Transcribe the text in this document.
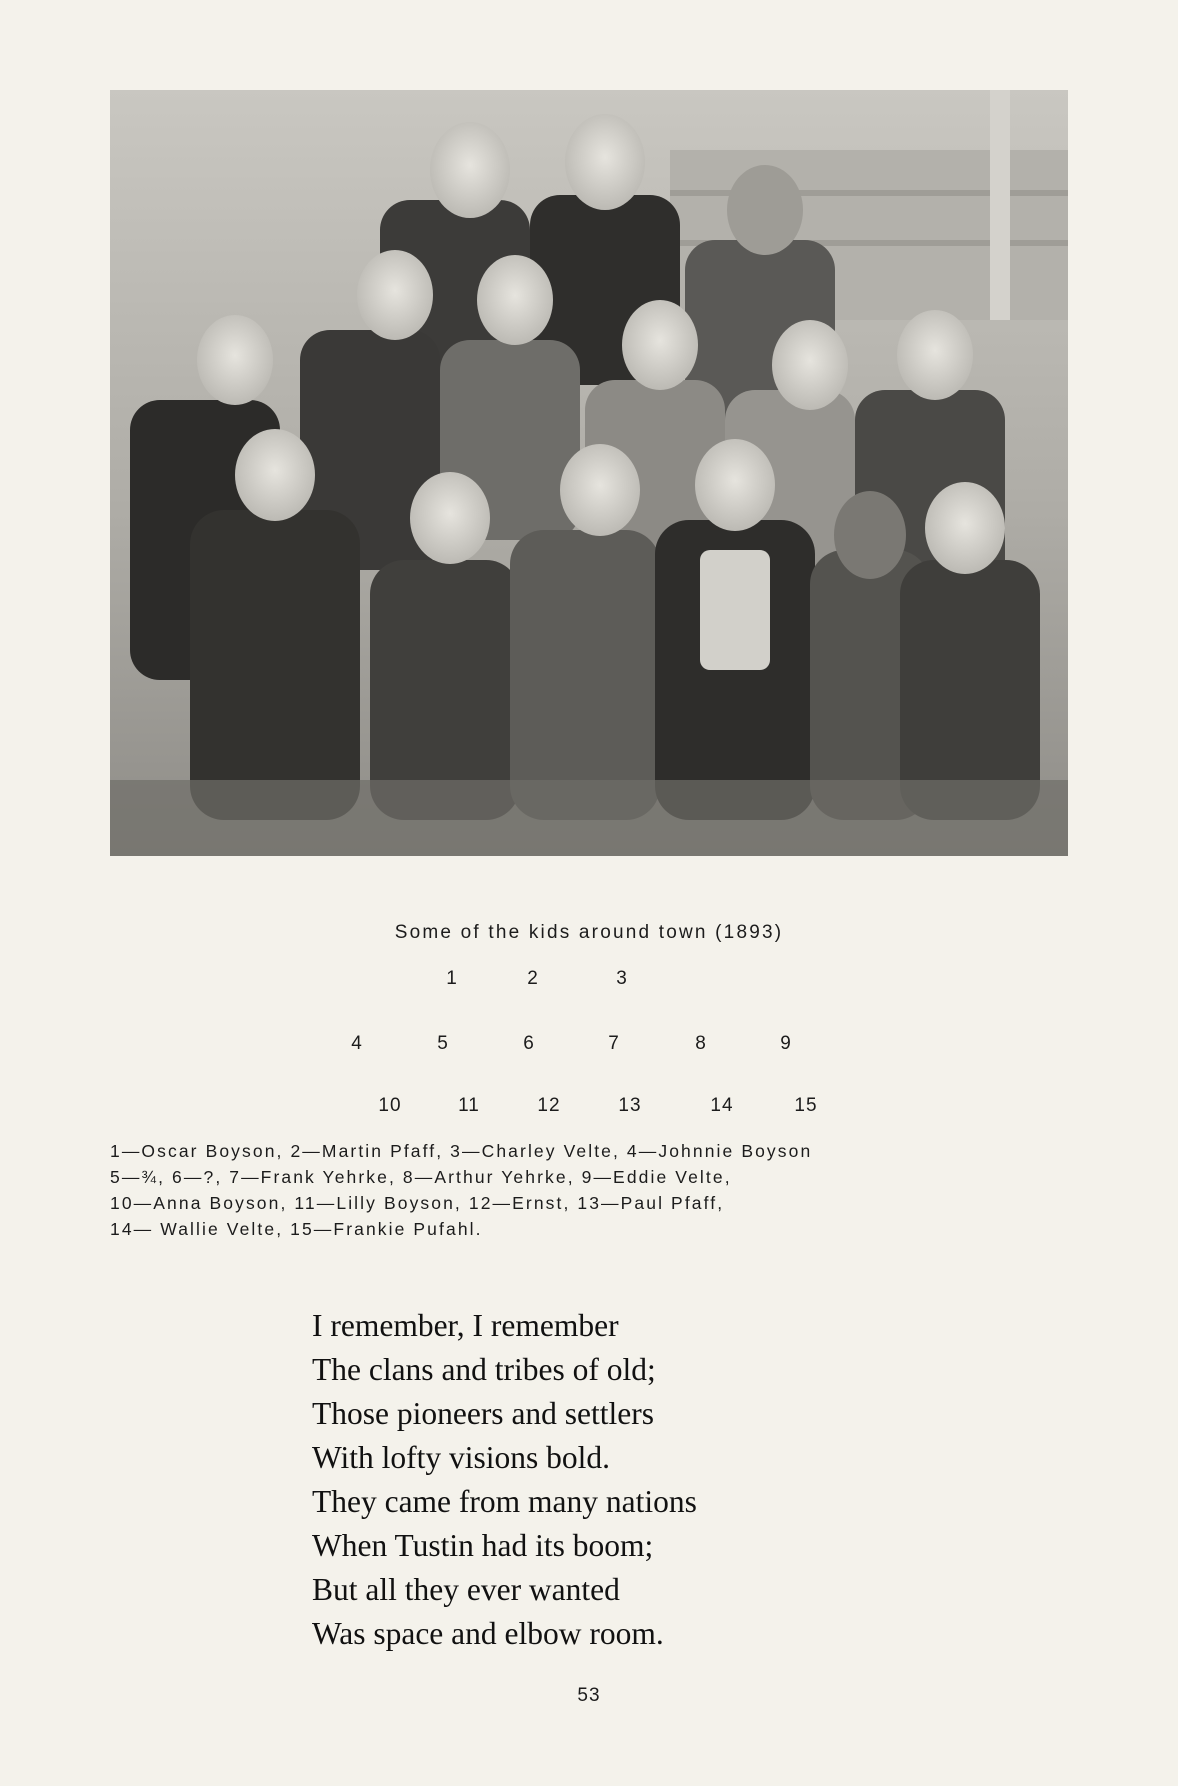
Some of the kids around town (1893)
1	2	3
4	5	6	7	8	9
10	11	12	13	14	15
1—Oscar Boyson, 2—Martin Pfaff, 3—Charley Velte, 4—Johnnie Boyson
5—¾, 6—?, 7—Frank Yehrke, 8—Arthur Yehrke, 9—Eddie Velte,
10—Anna Boyson, 11—Lilly Boyson, 12—Ernst, 13—Paul Pfaff,
14— Wallie Velte, 15—Frankie Pufahl.
I remember, I remember
The clans and tribes of old;
Those pioneers and settlers
With lofty visions bold.
They came from many nations
When Tustin had its boom;
But all they ever wanted
Was space and elbow room.
53
